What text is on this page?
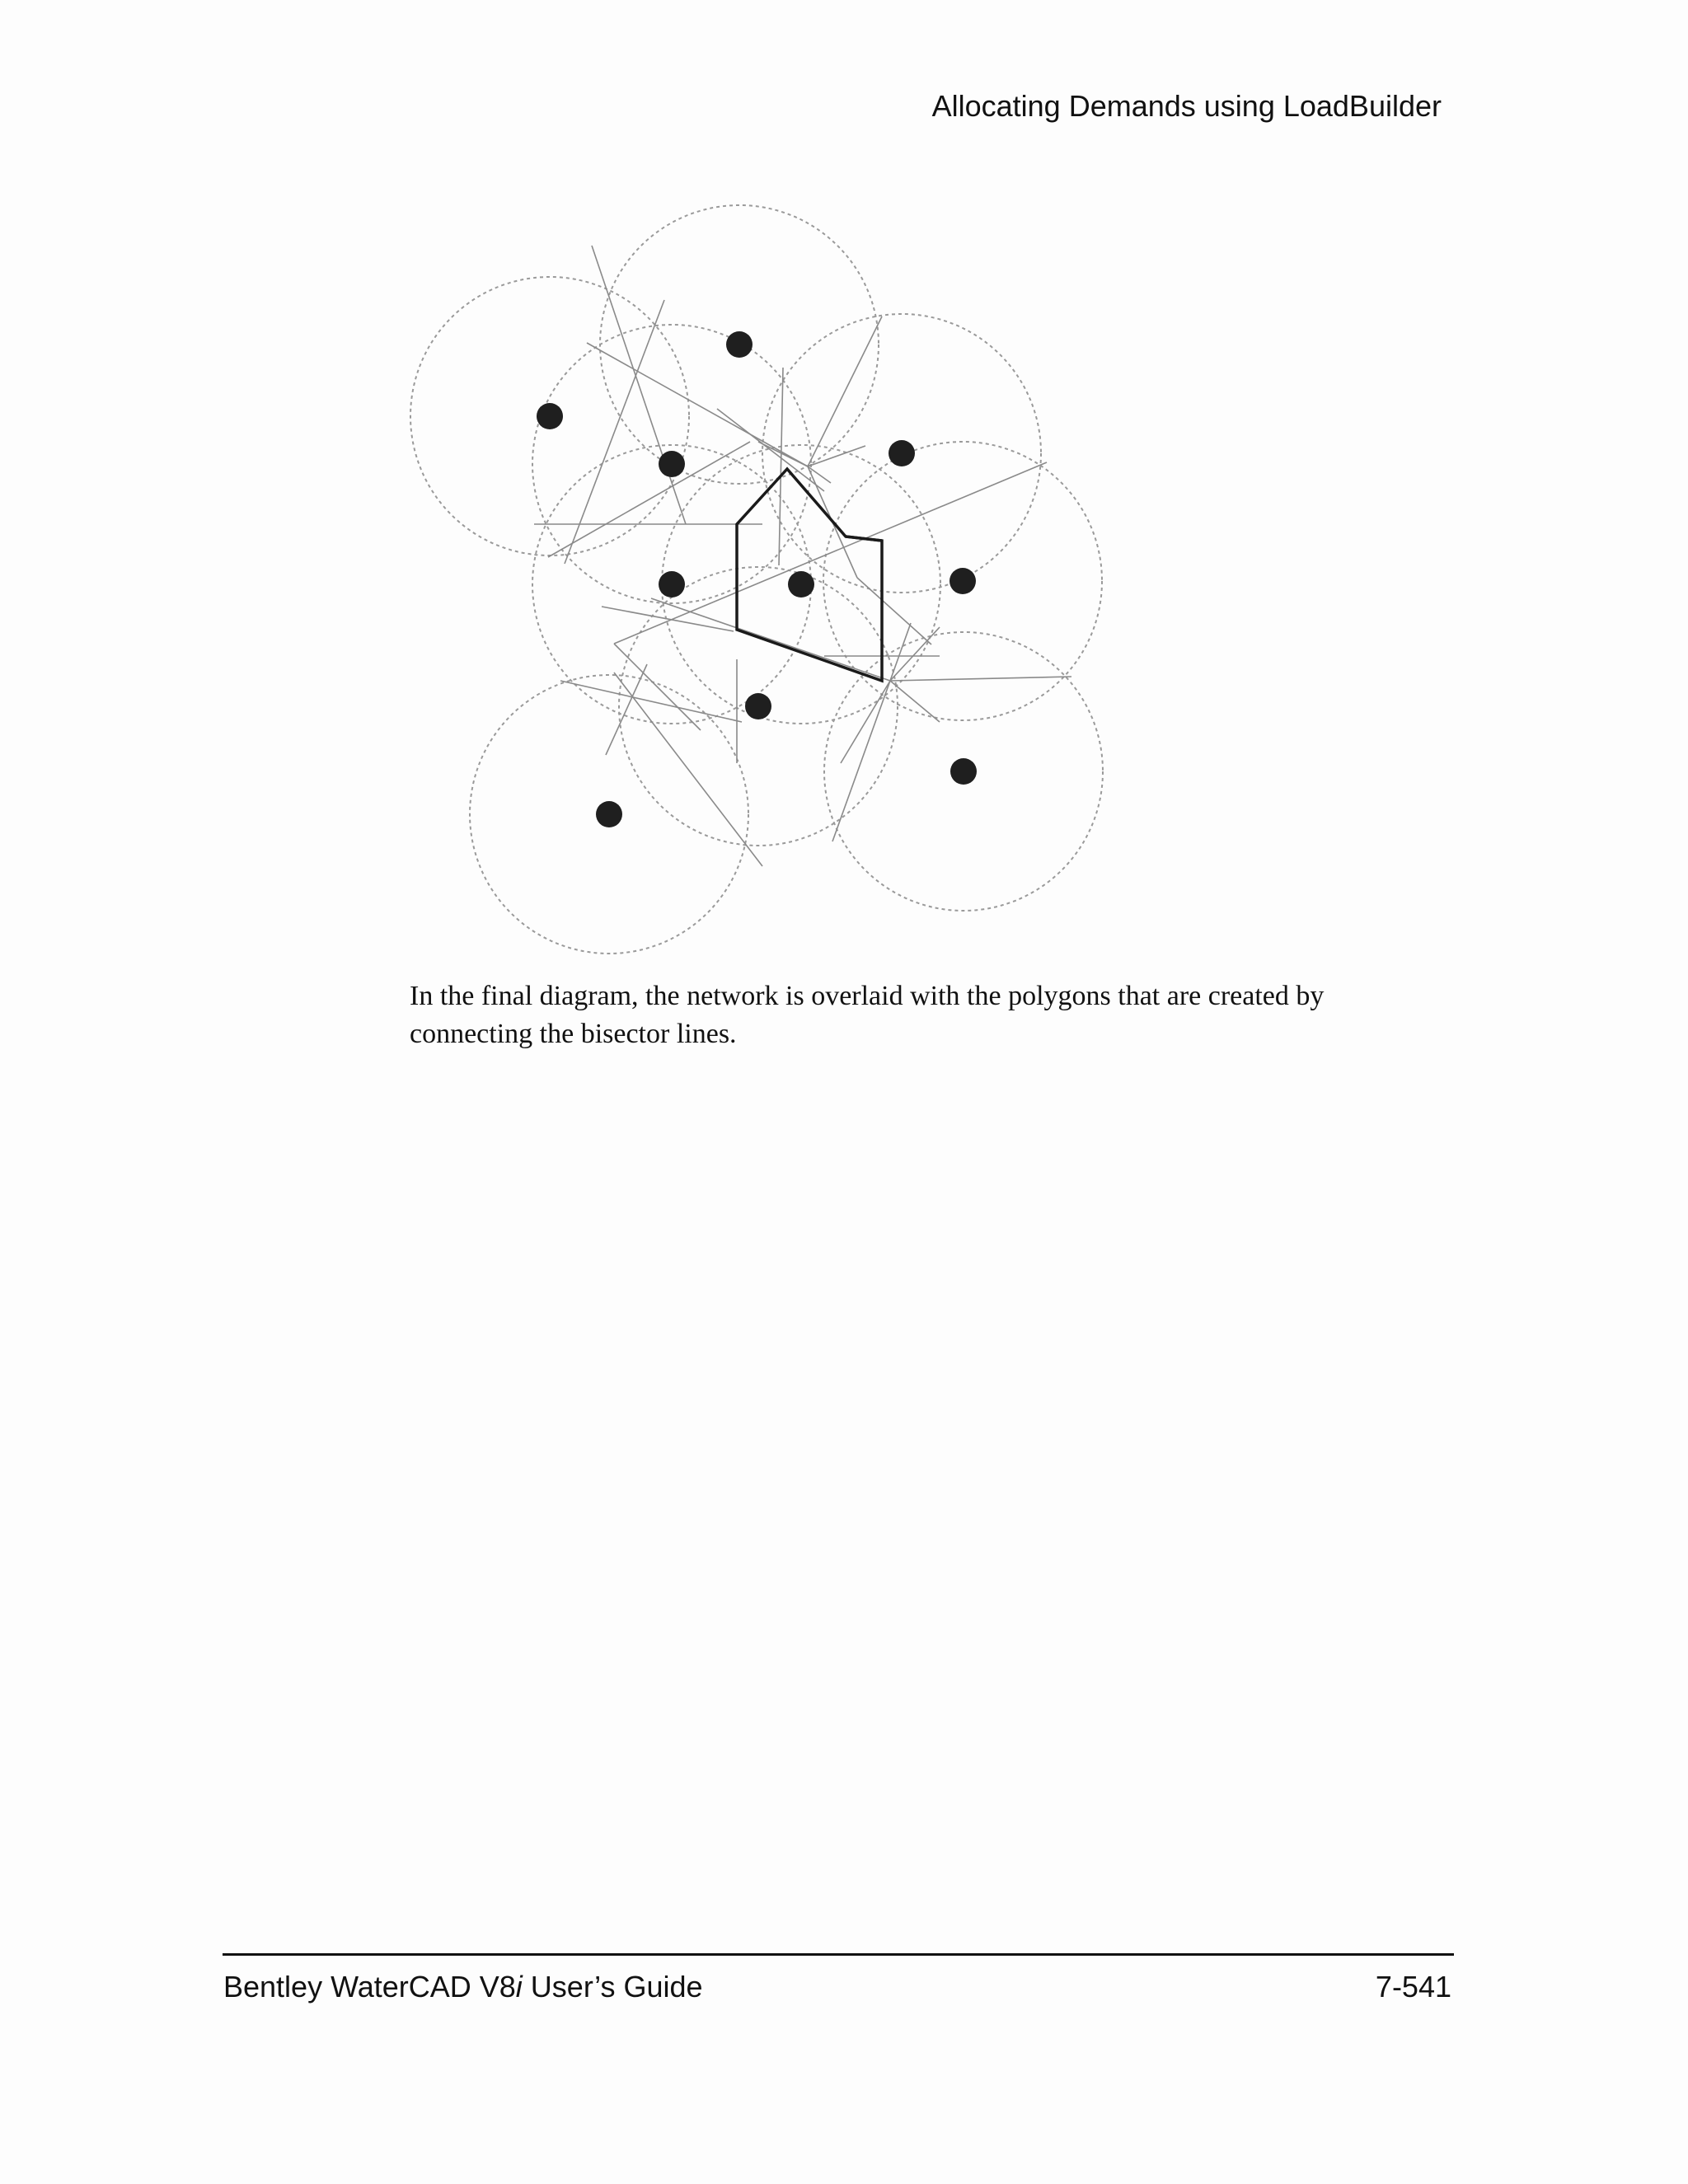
Allocating Demands using LoadBuilder
In the final diagram, the network is overlaid with the polygons that are created by connecting the bisector lines.
Bentley WaterCAD V8i User’s Guide	7-541
